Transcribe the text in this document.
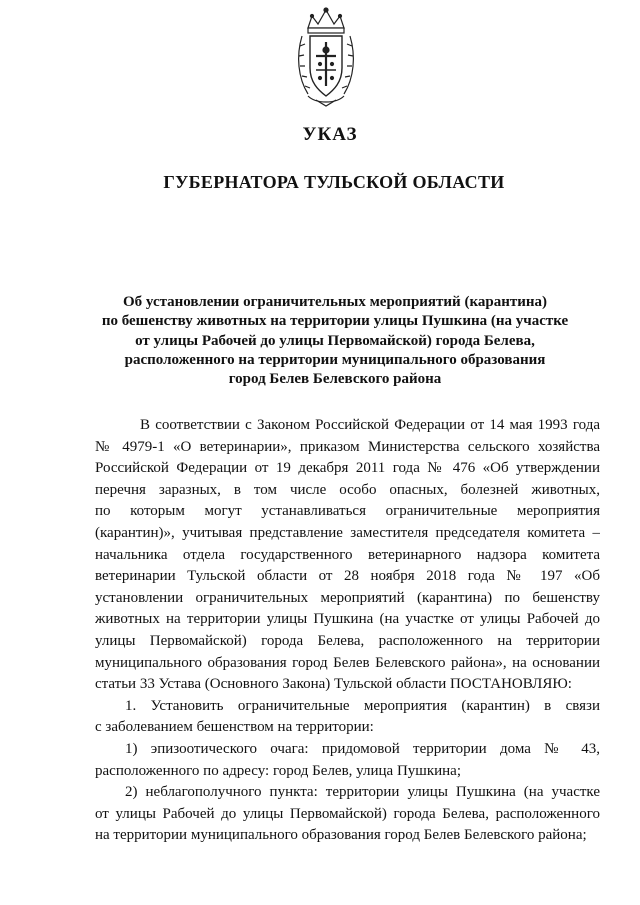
УКАЗ
ГУБЕРНАТОРА ТУЛЬСКОЙ ОБЛАСТИ
Об установлении ограничительных мероприятий (карантина)
по бешенству животных на территории улицы Пушкина (на участке
от улицы Рабочей до улицы Первомайской) города Белева,
расположенного на территории муниципального образования
город Белев Белевского района
В соответствии с Законом Российской Федерации от 14 мая 1993 года
№ 4979-1 «О ветеринарии», приказом Министерства сельского хозяйства
Российской Федерации от 19 декабря 2011 года № 476 «Об утверждении
перечня заразных, в том числе особо опасных, болезней животных,
по которым могут устанавливаться ограничительные мероприятия
(карантин)», учитывая представление заместителя председателя комитета –
начальника отдела государственного ветеринарного надзора комитета
ветеринарии Тульской области от 28 ноября 2018 года № 197 «Об
установлении ограничительных мероприятий (карантина) по бешенству
животных на территории улицы Пушкина (на участке от улицы Рабочей до
улицы Первомайской) города Белева, расположенного на территории
муниципального образования город Белев Белевского района», на основании
статьи 33 Устава (Основного Закона) Тульской области ПОСТАНОВЛЯЮ:
1. Установить ограничительные мероприятия (карантин) в связи
с заболеванием бешенством на территории:
1) эпизоотического очага: придомовой территории дома № 43,
расположенного по адресу: город Белев, улица Пушкина;
2) неблагополучного пункта: территории улицы Пушкина (на участке
от улицы Рабочей до улицы Первомайской) города Белева, расположенного
на территории муниципального образования город Белев Белевского района;
